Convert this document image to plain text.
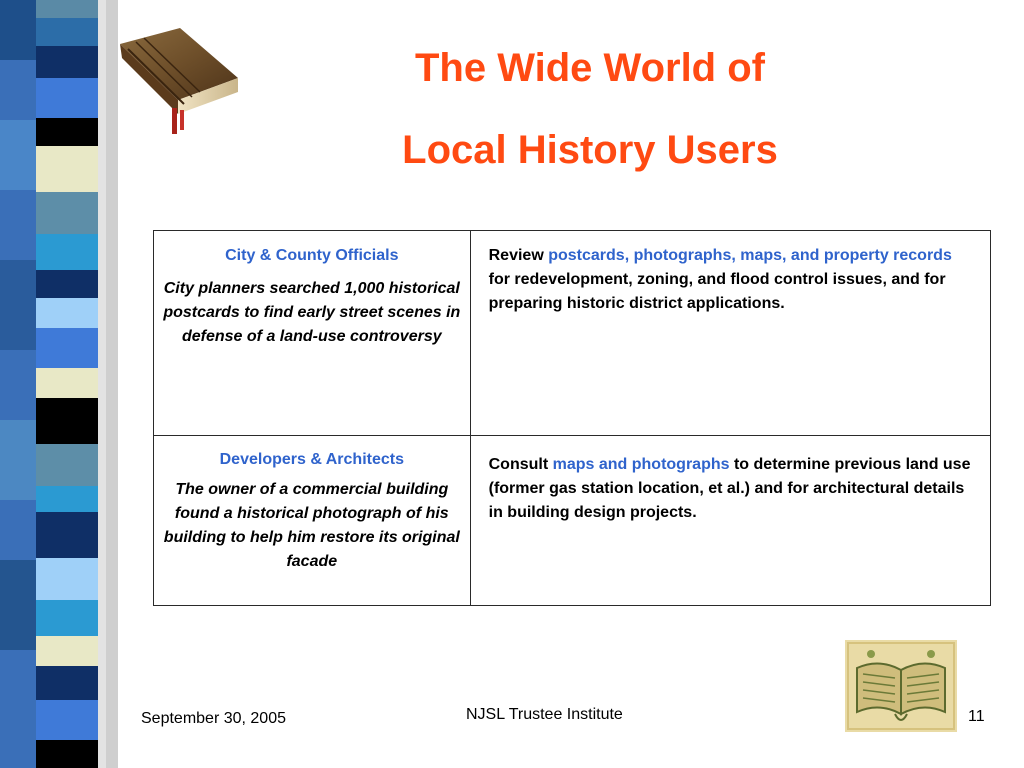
The Wide World of
Local History Users
City & County Officials
City planners searched 1,000 historical postcards to find early street scenes in defense of a land-use controversy	Review postcards, photographs, maps, and property records for redevelopment, zoning, and flood control issues, and for preparing historic district applications.

Developers & Architects
The owner of a commercial building found a historical photograph of his building to help him restore its original facade	Consult maps and photographs to determine previous land use (former gas station location, et al.) and for architectural details in building design projects.

September 30, 2005	NJSL Trustee Institute	11
